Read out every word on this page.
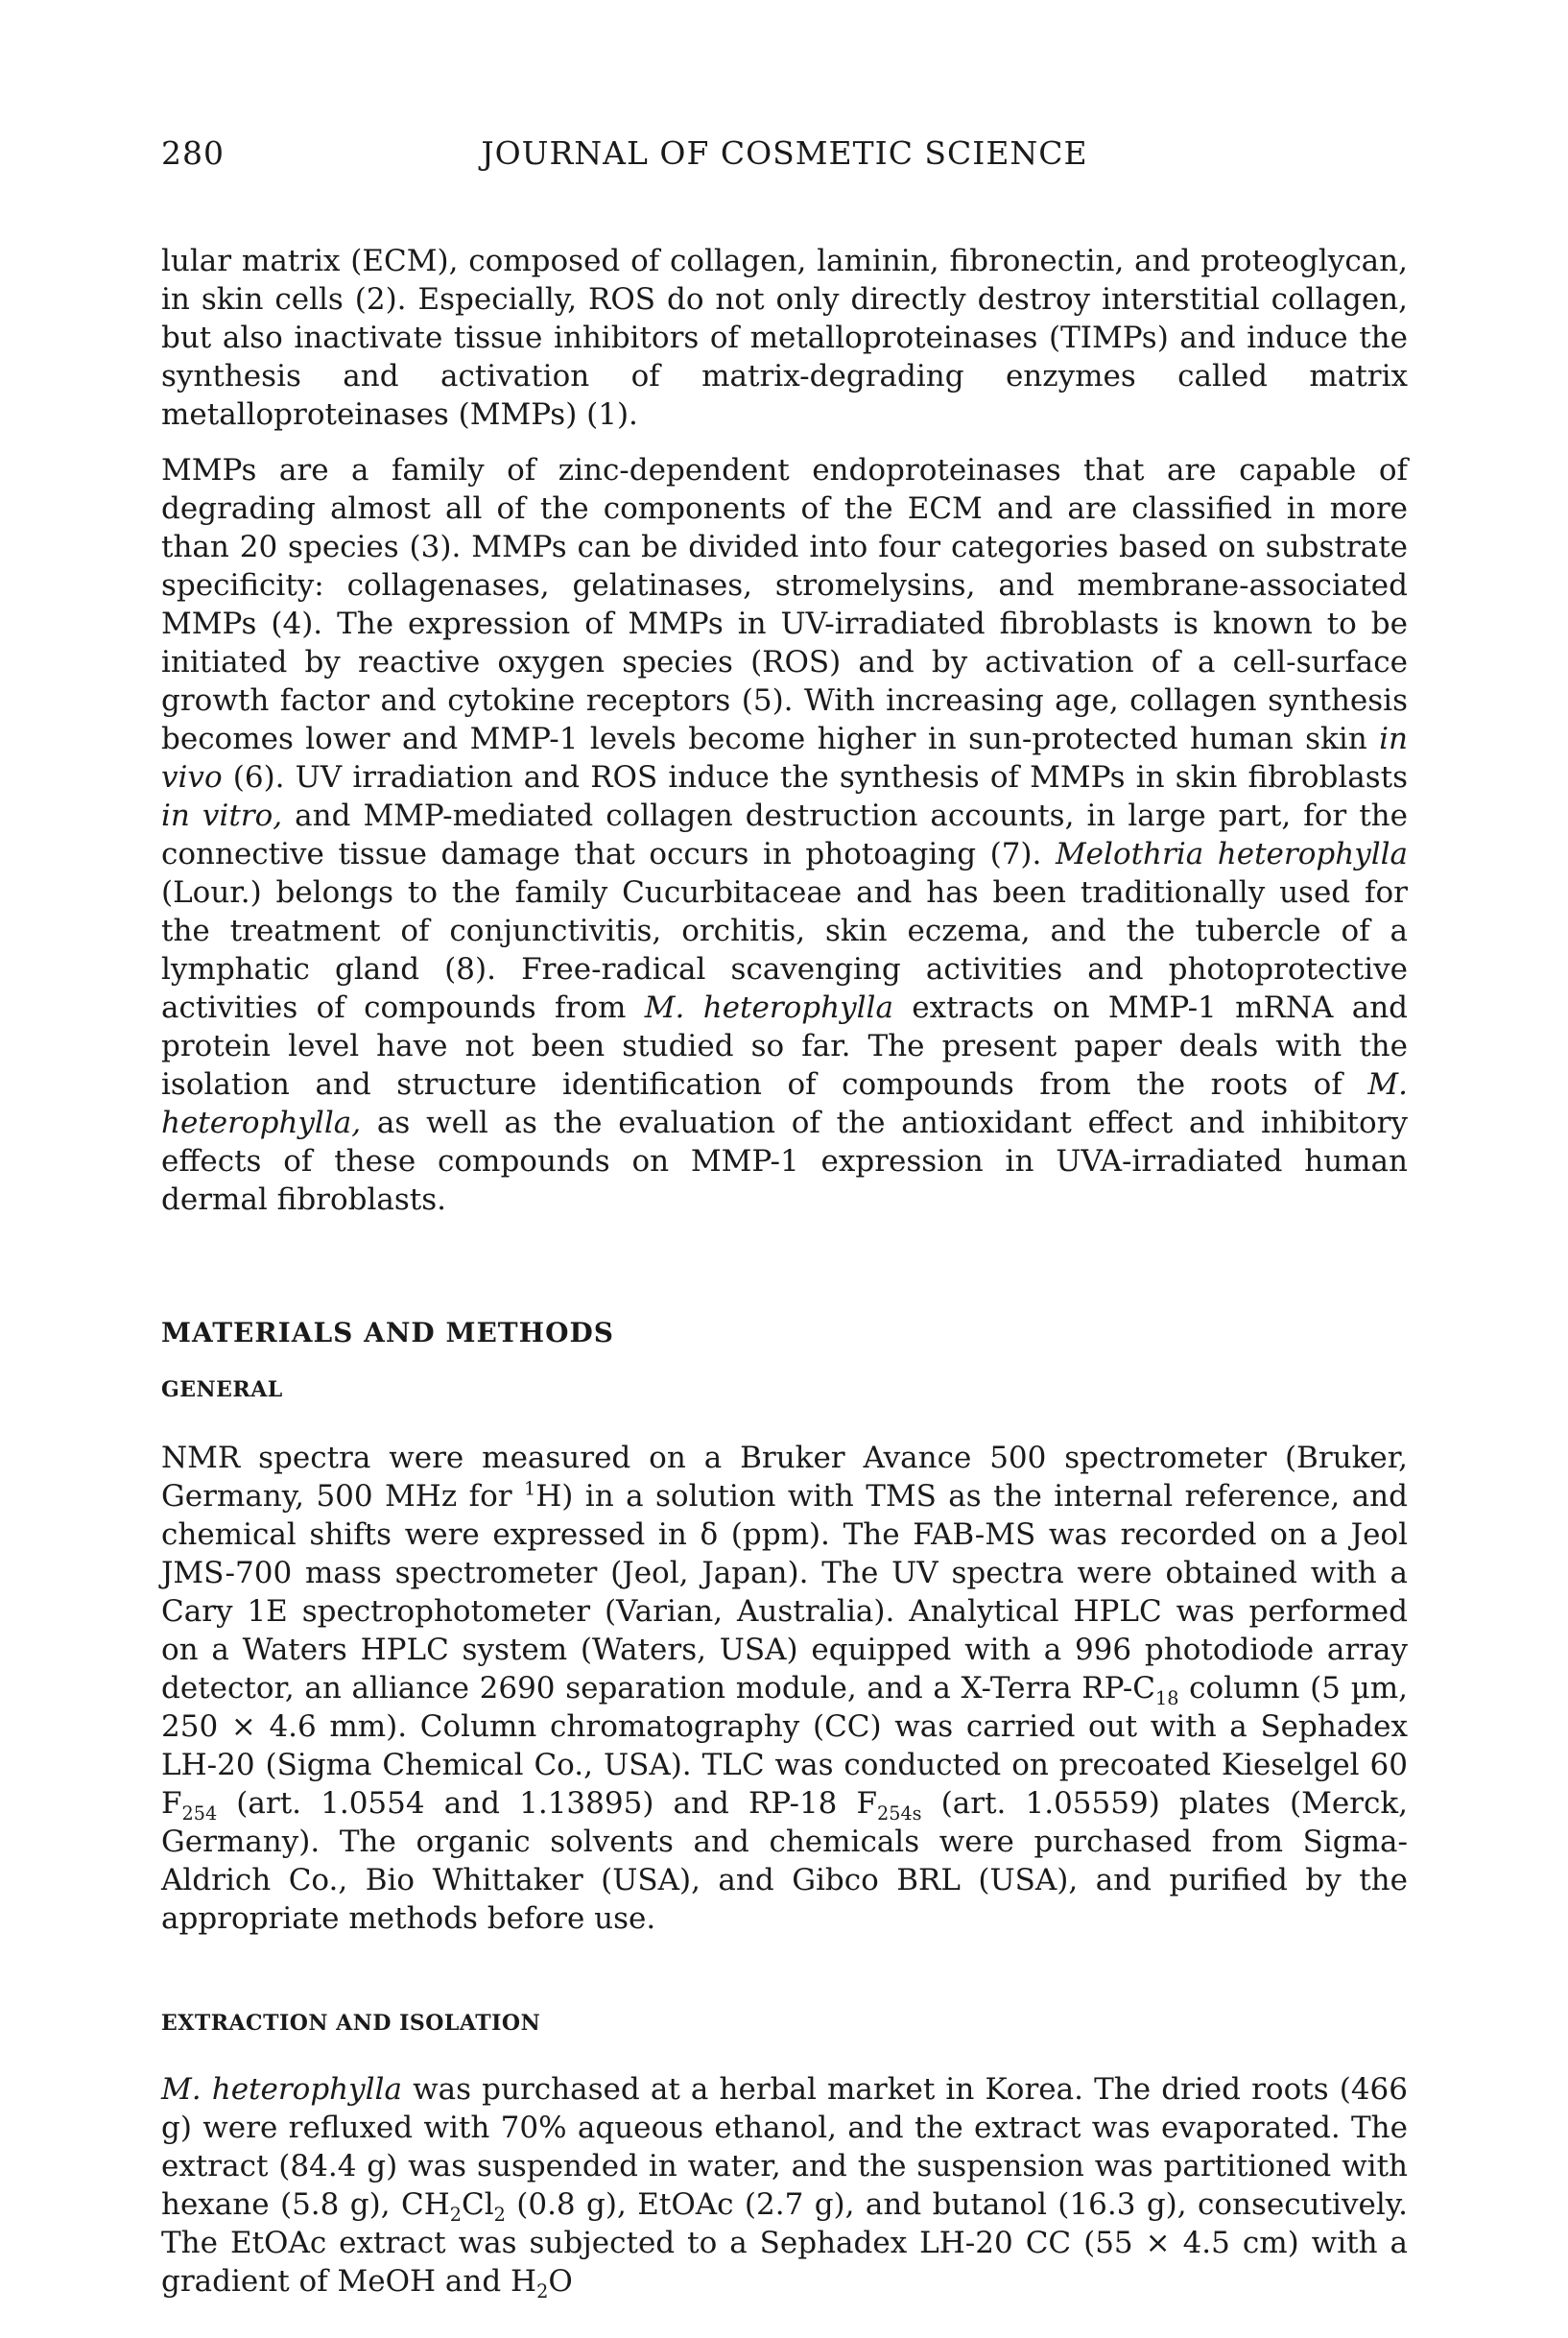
280	JOURNAL OF COSMETIC SCIENCE

lular matrix (ECM), composed of collagen, laminin, fibronectin, and proteoglycan, in skin cells (2). Especially, ROS do not only directly destroy interstitial collagen, but also inactivate tissue inhibitors of metalloproteinases (TIMPs) and induce the synthesis and activation of matrix-degrading enzymes called matrix metalloproteinases (MMPs) (1).

MMPs are a family of zinc-dependent endoproteinases that are capable of degrading almost all of the components of the ECM and are classified in more than 20 species (3). MMPs can be divided into four categories based on substrate specificity: collagenases, gelatinases, stromelysins, and membrane-associated MMPs (4). The expression of MMPs in UV-irradiated fibroblasts is known to be initiated by reactive oxygen species (ROS) and by activation of a cell-surface growth factor and cytokine receptors (5). With increasing age, collagen synthesis becomes lower and MMP-1 levels become higher in sun-protected human skin in vivo (6). UV irradiation and ROS induce the synthesis of MMPs in skin fibroblasts in vitro, and MMP-mediated collagen destruction accounts, in large part, for the connective tissue damage that occurs in photoaging (7). Melothria heterophylla (Lour.) belongs to the family Cucurbitaceae and has been traditionally used for the treatment of conjunctivitis, orchitis, skin eczema, and the tubercle of a lymphatic gland (8). Free-radical scavenging activities and photoprotective activities of compounds from M. heterophylla extracts on MMP-1 mRNA and protein level have not been studied so far. The present paper deals with the isolation and structure identification of compounds from the roots of M. heterophylla, as well as the evaluation of the antioxidant effect and inhibitory effects of these compounds on MMP-1 expression in UVA-irradiated human dermal fibroblasts.

MATERIALS AND METHODS
GENERAL

NMR spectra were measured on a Bruker Avance 500 spectrometer (Bruker, Germany, 500 MHz for $^1$H) in a solution with TMS as the internal reference, and chemical shifts were expressed in δ (ppm). The FAB-MS was recorded on a Jeol JMS-700 mass spectrometer (Jeol, Japan). The UV spectra were obtained with a Cary 1E spectrophotometer (Varian, Australia). Analytical HPLC was performed on a Waters HPLC system (Waters, USA) equipped with a 996 photodiode array detector, an alliance 2690 separation module, and a X-Terra $RP-C_{18}$ column (5 µm, 250 × 4.6 mm). Column chromatography (CC) was carried out with a Sephadex LH-20 (Sigma Chemical Co., USA). TLC was conducted on precoated Kieselgel 60 $F_{254}$ (art. 1.0554 and 1.13895) and RP-18 $F_{254s}$ (art. 1.05559) plates (Merck, Germany). The organic solvents and chemicals were purchased from Sigma-Aldrich Co., Bio Whittaker (USA), and Gibco BRL (USA), and purified by the appropriate methods before use.

EXTRACTION AND ISOLATION

M. heterophylla was purchased at a herbal market in Korea. The dried roots (466 g) were refluxed with 70% aqueous ethanol, and the extract was evaporated. The extract (84.4 g) was suspended in water, and the suspension was partitioned with hexane (5.8 g), $CH_2Cl_2$ (0.8 g), EtOAc (2.7 g), and butanol (16.3 g), consecutively. The EtOAc extract was subjected to a Sephadex LH-20 CC (55 × 4.5 cm) with a gradient of MeOH and $H_2O$
